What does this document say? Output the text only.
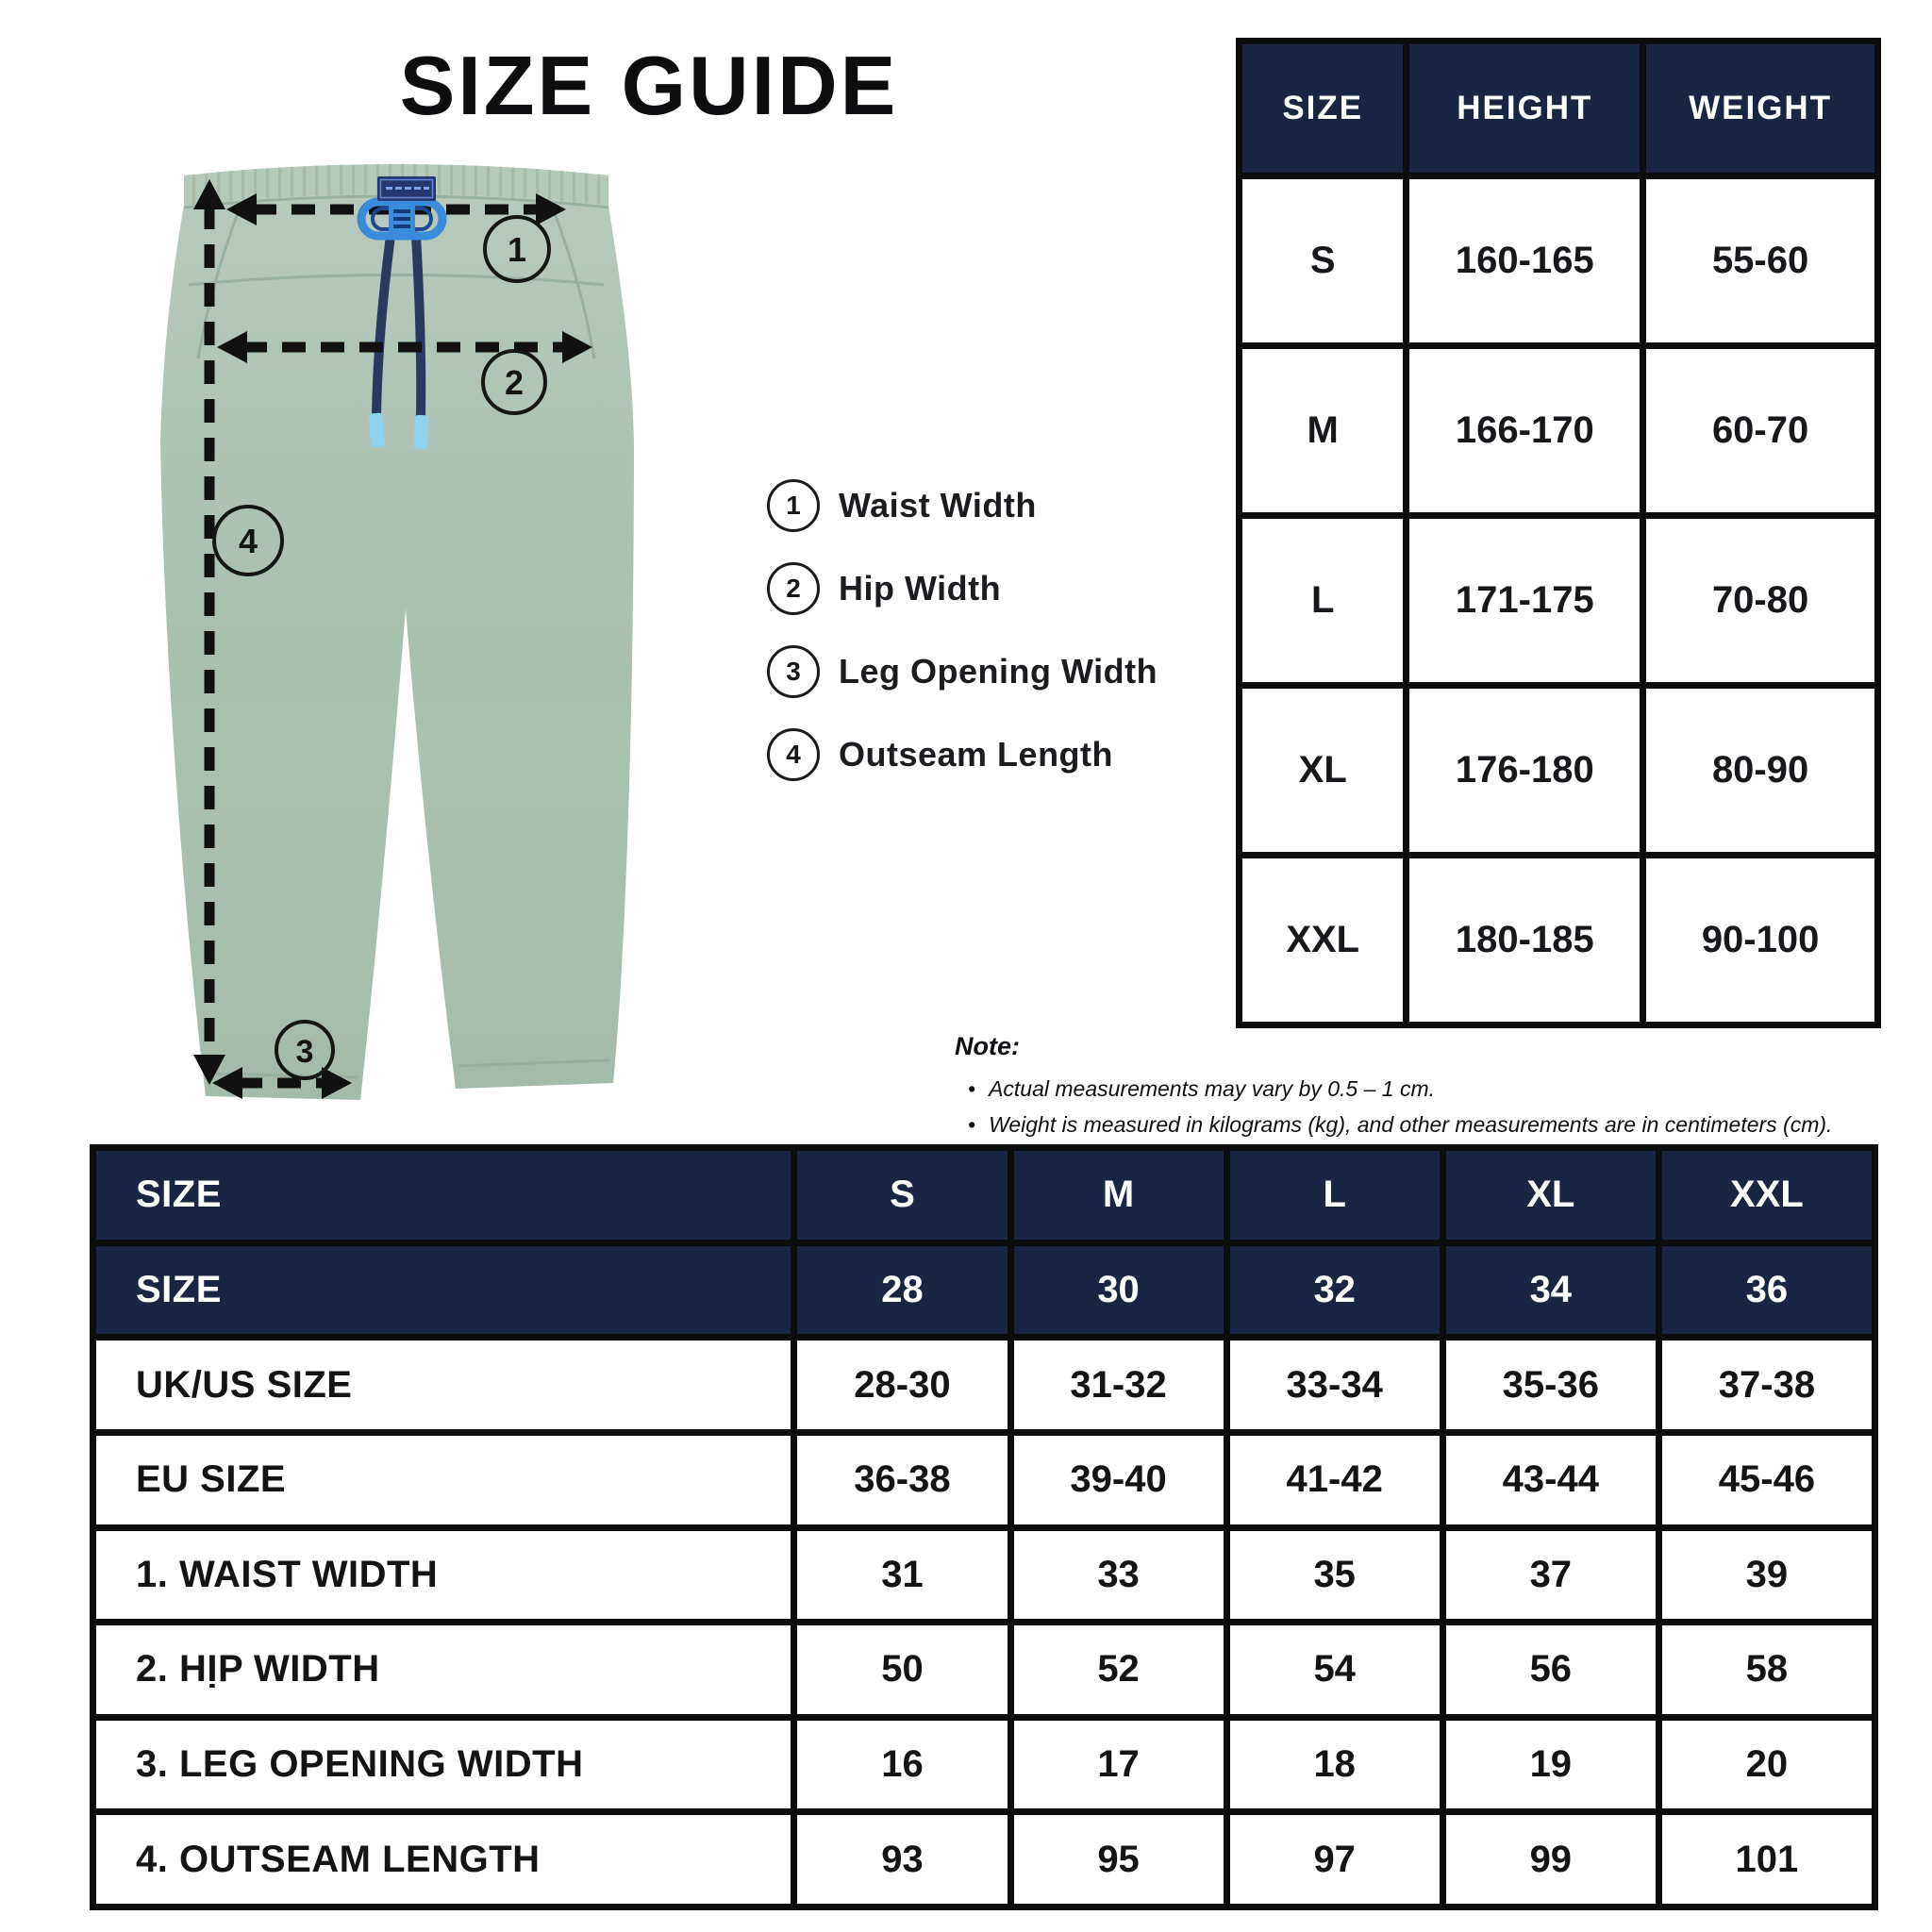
SIZE GUIDE
1
2
3
4
1	Waist Width
2	Hip Width
3	Leg Opening Width
4	Outseam Length
SIZE	HEIGHT	WEIGHT
S	160-165	55-60
M	166-170	60-70
L	171-175	70-80
XL	176-180	80-90
XXL	180-185	90-100

Note:

• Actual measurements may vary by 0.5 – 1 cm.
• Weight is measured in kilograms (kg), and other measurements are in centimeters (cm).
SIZE	S	M	L	XL	XXL
SIZE	28	30	32	34	36
UK/US SIZE	28-30	31-32	33-34	35-36	37-38
EU SIZE	36-38	39-40	41-42	43-44	45-46
1. WAIST WIDTH	31	33	35	37	39
2. HỊP WIDTH	50	52	54	56	58
3. LEG OPENING WIDTH	16	17	18	19	20
4. OUTSEAM LENGTH	93	95	97	99	101
